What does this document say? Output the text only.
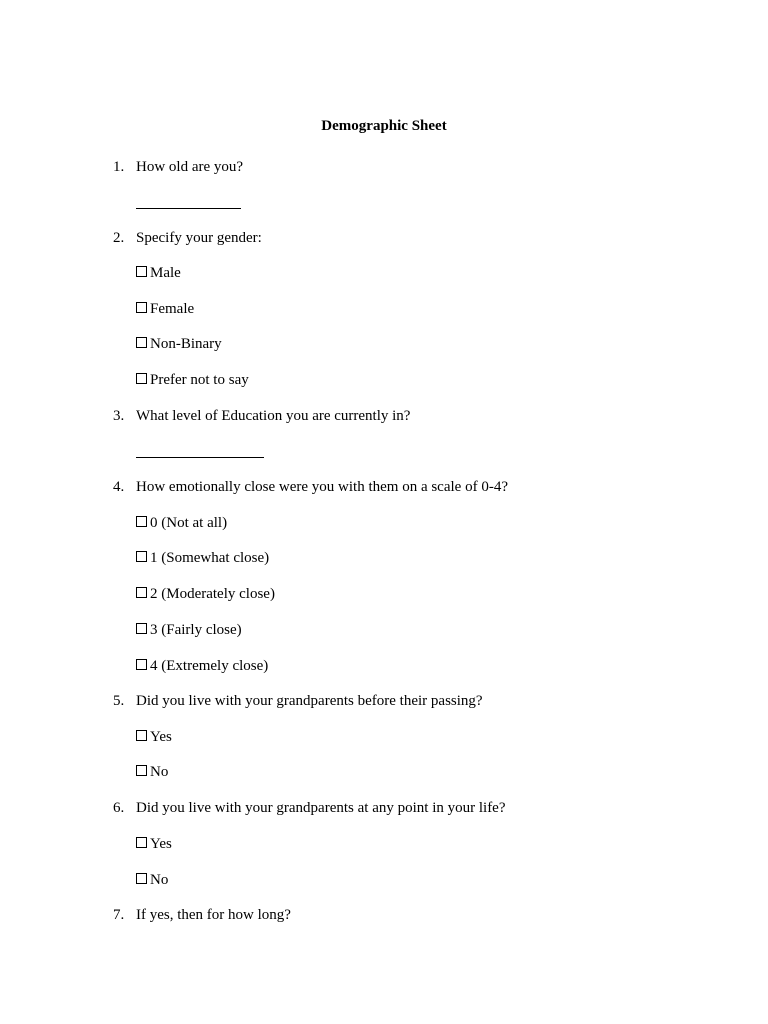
Demographic Sheet
1. How old are you?
2. Specify your gender:
Male
Female
Non-Binary
Prefer not to say
3. What level of Education you are currently in?
4. How emotionally close were you with them on a scale of 0-4?
0 (Not at all)
1 (Somewhat close)
2 (Moderately close)
3 (Fairly close)
4 (Extremely close)
5. Did you live with your grandparents before their passing?
Yes
No
6. Did you live with your grandparents at any point in your life?
Yes
No
7. If yes, then for how long?
